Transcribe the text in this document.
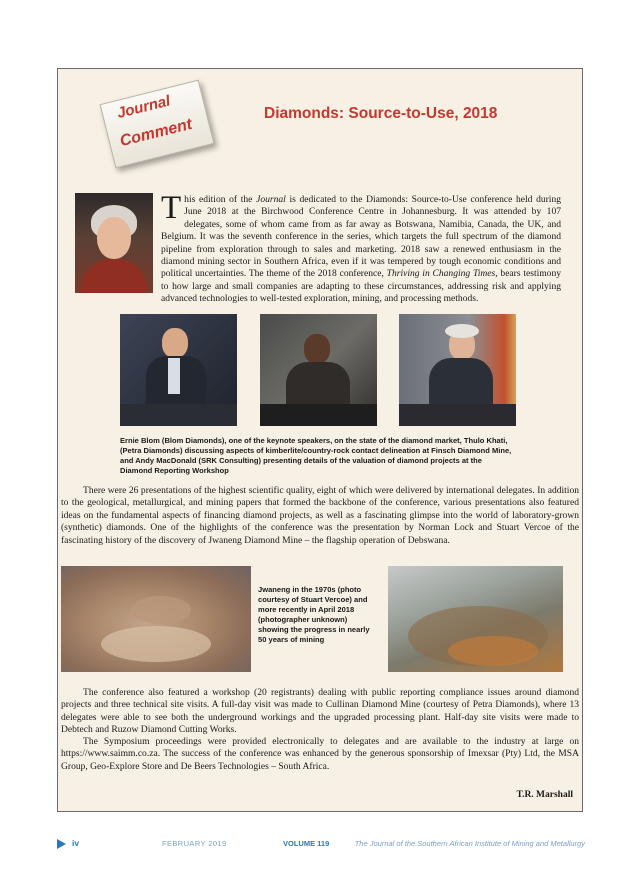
Journal
Comment
Diamonds: Source-to-Use, 2018
This edition of the Journal is dedicated to the Diamonds: Source-to-Use conference held during June 2018 at the Birchwood Conference Centre in Johannesburg. It was attended by 107 delegates, some of whom came from as far away as Botswana, Namibia, Canada, the UK, and Belgium. It was the seventh conference in the series, which targets the full spectrum of the diamond pipeline from exploration through to sales and marketing. 2018 saw a renewed enthusiasm in the diamond mining sector in Southern Africa, even if it was tempered by tough economic conditions and political uncertainties. The theme of the 2018 conference, Thriving in Changing Times, bears testimony to how large and small companies are adapting to these circumstances, addressing risk and applying advanced technologies to well-tested exploration, mining, and processing methods.
Ernie Blom (Blom Diamonds), one of the keynote speakers, on the state of the diamond market, Thulo Khati, (Petra Diamonds) discussing aspects of kimberlite/country-rock contact delineation at Finsch Diamond Mine, and Andy MacDonald (SRK Consulting) presenting details of the valuation of diamond projects at the Diamond Reporting Workshop
There were 26 presentations of the highest scientific quality, eight of which were delivered by international delegates. In addition to the geological, metallurgical, and mining papers that formed the backbone of the conference, various presentations also featured ideas on the fundamental aspects of financing diamond projects, as well as a fascinating glimpse into the world of laboratory-grown (synthetic) diamonds. One of the highlights of the conference was the presentation by Norman Lock and Stuart Vercoe of the fascinating history of the discovery of Jwaneng Diamond Mine – the flagship operation of Debswana.
Jwaneng in the 1970s (photo courtesy of Stuart Vercoe) and more recently in April 2018 (photographer unknown) showing the progress in nearly 50 years of mining
The conference also featured a workshop (20 registrants) dealing with public reporting compliance issues around diamond projects and three technical site visits. A full-day visit was made to Cullinan Diamond Mine (courtesy of Petra Diamonds), where 13 delegates were able to see both the underground workings and the upgraded processing plant. Half-day site visits were made to Debtech and Ruzow Diamond Cutting Works.
The Symposium proceedings were provided electronically to delegates and are available to the industry at large on https://www.saimm.co.za. The success of the conference was enhanced by the generous sponsorship of Imexsar (Pty) Ltd, the MSA Group, Geo-Explore Store and De Beers Technologies – South Africa.
T.R. Marshall
iv	FEBRUARY 2019	VOLUME 119	The Journal of the Southern African Institute of Mining and Metallurgy
